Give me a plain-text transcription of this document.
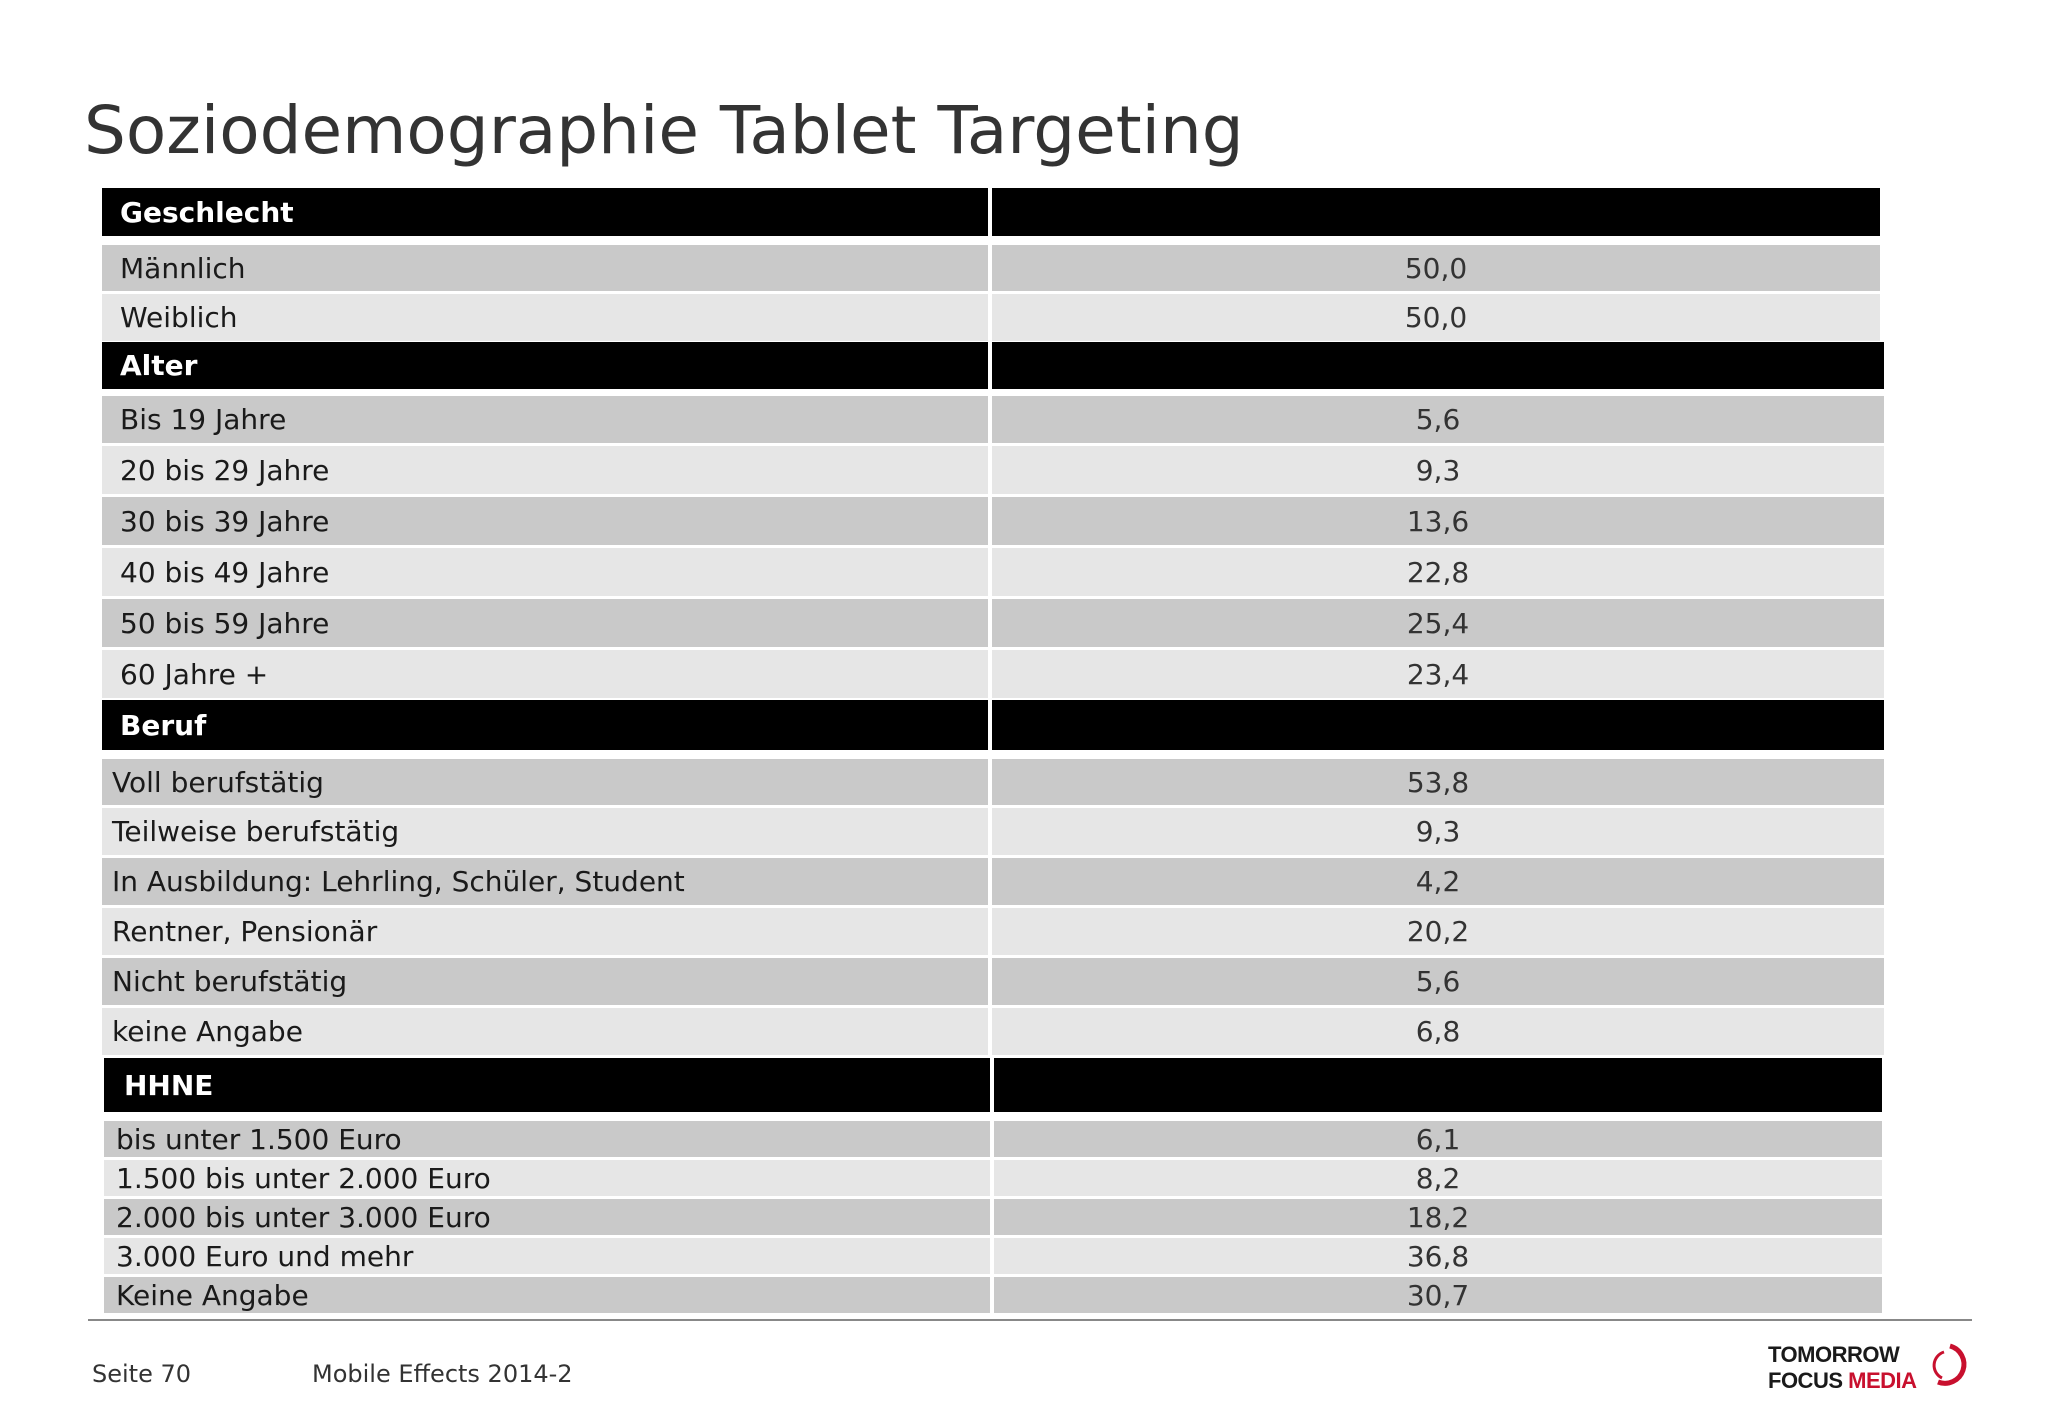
Soziodemographie Tablet Targeting
Geschlecht
Männlich	50,0
Weiblich	50,0
Alter
Bis 19 Jahre	5,6
20 bis 29 Jahre	9,3
30 bis 39 Jahre	13,6
40 bis 49 Jahre	22,8
50 bis 59 Jahre	25,4
60 Jahre +	23,4
Beruf
Voll berufstätig	53,8
Teilweise berufstätig	9,3
In Ausbildung: Lehrling, Schüler, Student	4,2
Rentner, Pensionär	20,2
Nicht berufstätig	5,6
keine Angabe	6,8
HHNE
bis unter 1.500 Euro	6,1
1.500 bis unter 2.000 Euro	8,2
2.000 bis unter 3.000 Euro	18,2
3.000 Euro und mehr	36,8
Keine Angabe	30,7
Seite 70	Mobile Effects 2014-2
TOMORROW
FOCUS MEDIA
